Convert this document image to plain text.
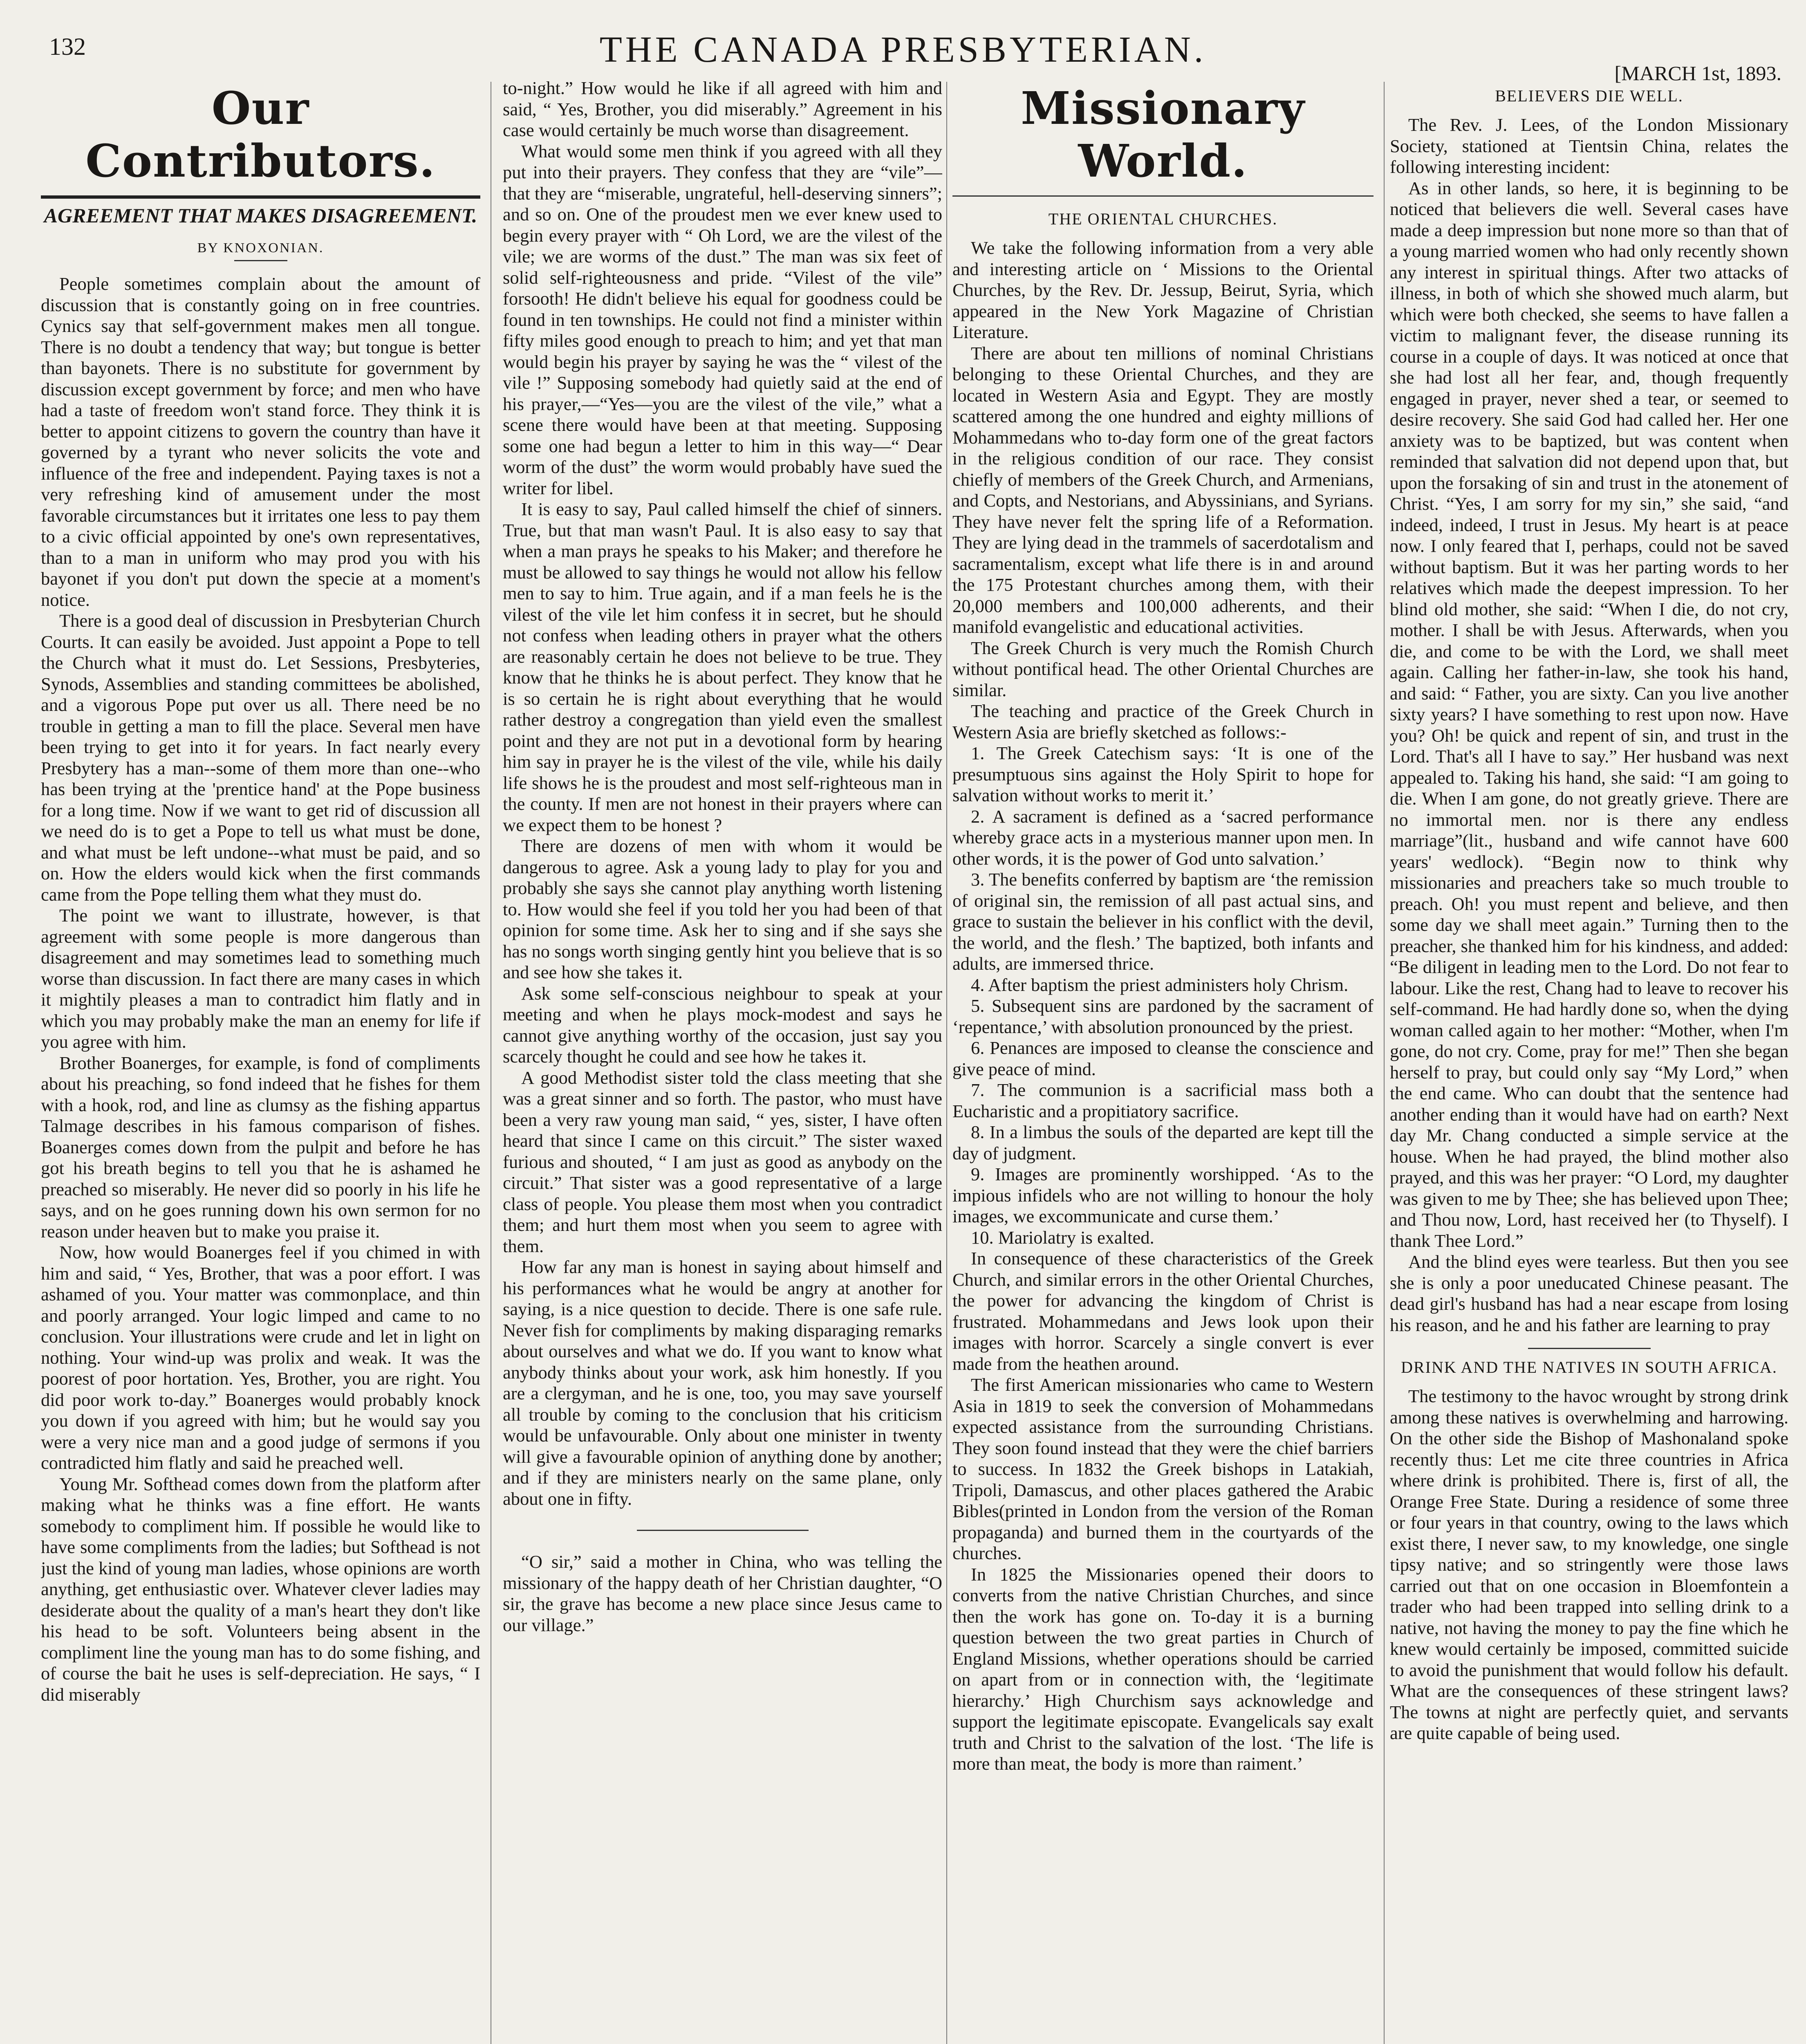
132	THE CANADA PRESBYTERIAN.
[MARCH 1st, 1893.
Our Contributors.
AGREEMENT THAT MAKES DISAGREEMENT.
BY KNOXONIAN.

People sometimes complain about the amount of discussion that is constantly going on in free countries. Cynics say that self-government makes men all tongue. There is no doubt a tendency that way; but tongue is better than bayonets. There is no substitute for government by discussion except government by force; and men who have had a taste of freedom won't stand force. They think it is better to appoint citizens to govern the country than have it governed by a tyrant who never solicits the vote and influence of the free and independent. Paying taxes is not a very refreshing kind of amusement under the most favorable circumstances but it irritates one less to pay them to a civic official appointed by one's own representatives, than to a man in uniform who may prod you with his bayonet if you don't put down the specie at a moment's notice.

There is a good deal of discussion in Presbyterian Church Courts. It can easily be avoided. Just appoint a Pope to tell the Church what it must do. Let Sessions, Presbyteries, Synods, Assemblies and standing committees be abolished, and a vigorous Pope put over us all. There need be no trouble in getting a man to fill the place. Several men have been trying to get into it for years. In fact nearly every Presbytery has a man--some of them more than one--who has been trying at the 'prentice hand' at the Pope business for a long time. Now if we want to get rid of discussion all we need do is to get a Pope to tell us what must be done, and what must be left undone--what must be paid, and so on. How the elders would kick when the first commands came from the Pope telling them what they must do.

The point we want to illustrate, however, is that agreement with some people is more dangerous than disagreement and may sometimes lead to something much worse than discussion. In fact there are many cases in which it mightily pleases a man to contradict him flatly and in which you may probably make the man an enemy for life if you agree with him.

Brother Boanerges, for example, is fond of compliments about his preaching, so fond indeed that he fishes for them with a hook, rod, and line as clumsy as the fishing appartus Talmage describes in his famous comparison of fishes. Boanerges comes down from the pulpit and before he has got his breath begins to tell you that he is ashamed he preached so miserably. He never did so poorly in his life he says, and on he goes running down his own sermon for no reason under heaven but to make you praise it.

Now, how would Boanerges feel if you chimed in with him and said, “ Yes, Brother, that was a poor effort. I was ashamed of you. Your matter was commonplace, and thin and poorly arranged. Your logic limped and came to no conclusion. Your illustrations were crude and let in light on nothing. Your wind-up was prolix and weak. It was the poorest of poor hortation. Yes, Brother, you are right. You did poor work to-day.” Boanerges would probably knock you down if you agreed with him; but he would say you were a very nice man and a good judge of sermons if you contradicted him flatly and said he preached well.

Young Mr. Softhead comes down from the platform after making what he thinks was a fine effort. He wants somebody to compliment him. If possible he would like to have some compliments from the ladies; but Softhead is not just the kind of young man ladies, whose opinions are worth anything, get enthusiastic over. Whatever clever ladies may desiderate about the quality of a man's heart they don't like his head to be soft. Volunteers being absent in the compliment line the young man has to do some fishing, and of course the bait he uses is self-depreciation. He says, “ I did miserably

to-night.” How would he like if all agreed with him and said, “ Yes, Brother, you did miserably.” Agreement in his case would certainly be much worse than disagreement.

What would some men think if you agreed with all they put into their prayers. They confess that they are “vile”— that they are “miserable, ungrateful, hell-deserving sinners”; and so on. One of the proudest men we ever knew used to begin every prayer with “ Oh Lord, we are the vilest of the vile; we are worms of the dust.” The man was six feet of solid self-righteousness and pride. “Vilest of the vile” forsooth! He didn't believe his equal for goodness could be found in ten townships. He could not find a minister within fifty miles good enough to preach to him; and yet that man would begin his prayer by saying he was the “ vilest of the vile !” Supposing somebody had quietly said at the end of his prayer,—“Yes—you are the vilest of the vile,” what a scene there would have been at that meeting. Supposing some one had begun a letter to him in this way—“ Dear worm of the dust” the worm would probably have sued the writer for libel.

It is easy to say, Paul called himself the chief of sinners. True, but that man wasn't Paul. It is also easy to say that when a man prays he speaks to his Maker; and therefore he must be allowed to say things he would not allow his fellow men to say to him. True again, and if a man feels he is the vilest of the vile let him confess it in secret, but he should not confess when leading others in prayer what the others are reasonably certain he does not believe to be true. They know that he thinks he is about perfect. They know that he is so certain he is right about everything that he would rather destroy a congregation than yield even the smallest point and they are not put in a devotional form by hearing him say in prayer he is the vilest of the vile, while his daily life shows he is the proudest and most self-righteous man in the county. If men are not honest in their prayers where can we expect them to be honest ?

There are dozens of men with whom it would be dangerous to agree. Ask a young lady to play for you and probably she says she cannot play anything worth listening to. How would she feel if you told her you had been of that opinion for some time. Ask her to sing and if she says she has no songs worth singing gently hint you believe that is so and see how she takes it.

Ask some self-conscious neighbour to speak at your meeting and when he plays mock-modest and says he cannot give anything worthy of the occasion, just say you scarcely thought he could and see how he takes it.

A good Methodist sister told the class meeting that she was a great sinner and so forth. The pastor, who must have been a very raw young man said, “ yes, sister, I have often heard that since I came on this circuit.” The sister waxed furious and shouted, “ I am just as good as anybody on the circuit.” That sister was a good representative of a large class of people. You please them most when you contradict them; and hurt them most when you seem to agree with them.

How far any man is honest in saying about himself and his performances what he would be angry at another for saying, is a nice question to decide. There is one safe rule. Never fish for compliments by making disparaging remarks about ourselves and what we do. If you want to know what anybody thinks about your work, ask him honestly. If you are a clergyman, and he is one, too, you may save yourself all trouble by coming to the conclusion that his criticism would be unfavourable. Only about one minister in twenty will give a favourable opinion of anything done by another; and if they are ministers nearly on the same plane, only about one in fifty.

“O sir,” said a mother in China, who was telling the missionary of the happy death of her Christian daughter, “O sir, the grave has become a new place since Jesus came to our village.”

Missionary World.
THE ORIENTAL CHURCHES.

We take the following information from a very able and interesting article on ‘ Missions to the Oriental Churches, by the Rev. Dr. Jessup, Beirut, Syria, which appeared in the New York Magazine of Christian Literature.

There are about ten millions of nominal Christians belonging to these Oriental Churches, and they are located in Western Asia and Egypt. They are mostly scattered among the one hundred and eighty millions of Mohammedans who to-day form one of the great factors in the religious condition of our race. They consist chiefly of members of the Greek Church, and Armenians, and Copts, and Nestorians, and Abyssinians, and Syrians. They have never felt the spring life of a Reformation. They are lying dead in the trammels of sacerdotalism and sacramentalism, except what life there is in and around the 175 Protestant churches among them, with their 20,000 members and 100,000 adherents, and their manifold evangelistic and educational activities.

The Greek Church is very much the Romish Church without pontifical head. The other Oriental Churches are similar.

The teaching and practice of the Greek Church in Western Asia are briefly sketched as follows:-

1. The Greek Catechism says: ‘It is one of the presumptuous sins against the Holy Spirit to hope for salvation without works to merit it.’

2. A sacrament is defined as a ‘sacred performance whereby grace acts in a mysterious manner upon men. In other words, it is the power of God unto salvation.’

3. The benefits conferred by baptism are ‘the remission of original sin, the remission of all past actual sins, and grace to sustain the believer in his conflict with the devil, the world, and the flesh.’ The baptized, both infants and adults, are immersed thrice.

4. After baptism the priest administers holy Chrism.

5. Subsequent sins are pardoned by the sacrament of ‘repentance,’ with absolution pronounced by the priest.

6. Penances are imposed to cleanse the conscience and give peace of mind.

7. The communion is a sacrificial mass both a Eucharistic and a propitiatory sacrifice.

8. In a limbus the souls of the departed are kept till the day of judgment.

9. Images are prominently worshipped. ‘As to the impious infidels who are not willing to honour the holy images, we excommunicate and curse them.’

10. Mariolatry is exalted.

In consequence of these characteristics of the Greek Church, and similar errors in the other Oriental Churches, the power for advancing the kingdom of Christ is frustrated. Mohammedans and Jews look upon their images with horror. Scarcely a single convert is ever made from the heathen around.

The first American missionaries who came to Western Asia in 1819 to seek the conversion of Mohammedans expected assistance from the surrounding Christians. They soon found instead that they were the chief barriers to success. In 1832 the Greek bishops in Latakiah, Tripoli, Damascus, and other places gathered the Arabic Bibles(printed in London from the version of the Roman propaganda) and burned them in the courtyards of the churches.

In 1825 the Missionaries opened their doors to converts from the native Christian Churches, and since then the work has gone on. To-day it is a burning question between the two great parties in Church of England Missions, whether operations should be carried on apart from or in connection with, the ‘legitimate hierarchy.’ High Churchism says acknowledge and support the legitimate episcopate. Evangelicals say exalt truth and Christ to the salvation of the lost. ‘The life is more than meat, the body is more than raiment.’

BELIEVERS DIE WELL.

The Rev. J. Lees, of the London Missionary Society, stationed at Tientsin China, relates the following interesting incident:

As in other lands, so here, it is beginning to be noticed that believers die well. Several cases have made a deep impression but none more so than that of a young married women who had only recently shown any interest in spiritual things. After two attacks of illness, in both of which she showed much alarm, but which were both checked, she seems to have fallen a victim to malignant fever, the disease running its course in a couple of days. It was noticed at once that she had lost all her fear, and, though frequently engaged in prayer, never shed a tear, or seemed to desire recovery. She said God had called her. Her one anxiety was to be baptized, but was content when reminded that salvation did not depend upon that, but upon the forsaking of sin and trust in the atonement of Christ. “Yes, I am sorry for my sin,” she said, “and indeed, indeed, I trust in Jesus. My heart is at peace now. I only feared that I, perhaps, could not be saved without baptism. But it was her parting words to her relatives which made the deepest impression. To her blind old mother, she said: “When I die, do not cry, mother. I shall be with Jesus. Afterwards, when you die, and come to be with the Lord, we shall meet again. Calling her father-in-law, she took his hand, and said: “ Father, you are sixty. Can you live another sixty years? I have something to rest upon now. Have you? Oh! be quick and repent of sin, and trust in the Lord. That's all I have to say.” Her husband was next appealed to. Taking his hand, she said: “I am going to die. When I am gone, do not greatly grieve. There are no immortal men. nor is there any endless marriage”(lit., husband and wife cannot have 600 years' wedlock). “Begin now to think why missionaries and preachers take so much trouble to preach. Oh! you must repent and believe, and then some day we shall meet again.” Turning then to the preacher, she thanked him for his kindness, and added: “Be diligent in leading men to the Lord. Do not fear to labour. Like the rest, Chang had to leave to recover his self-command. He had hardly done so, when the dying woman called again to her mother: “Mother, when I'm gone, do not cry. Come, pray for me!” Then she began herself to pray, but could only say “My Lord,” when the end came. Who can doubt that the sentence had another ending than it would have had on earth? Next day Mr. Chang conducted a simple service at the house. When he had prayed, the blind mother also prayed, and this was her prayer: “O Lord, my daughter was given to me by Thee; she has believed upon Thee; and Thou now, Lord, hast received her (to Thyself). I thank Thee Lord.”

And the blind eyes were tearless. But then you see she is only a poor uneducated Chinese peasant. The dead girl's husband has had a near escape from losing his reason, and he and his father are learning to pray

DRINK AND THE NATIVES IN SOUTH AFRICA.

The testimony to the havoc wrought by strong drink among these natives is overwhelming and harrowing. On the other side the Bishop of Mashonaland spoke recently thus: Let me cite three countries in Africa where drink is prohibited. There is, first of all, the Orange Free State. During a residence of some three or four years in that country, owing to the laws which exist there, I never saw, to my knowledge, one single tipsy native; and so stringently were those laws carried out that on one occasion in Bloemfontein a trader who had been trapped into selling drink to a native, not having the money to pay the fine which he knew would certainly be imposed, committed suicide to avoid the punishment that would follow his default. What are the consequences of these stringent laws? The towns at night are perfectly quiet, and servants are quite capable of being used.
